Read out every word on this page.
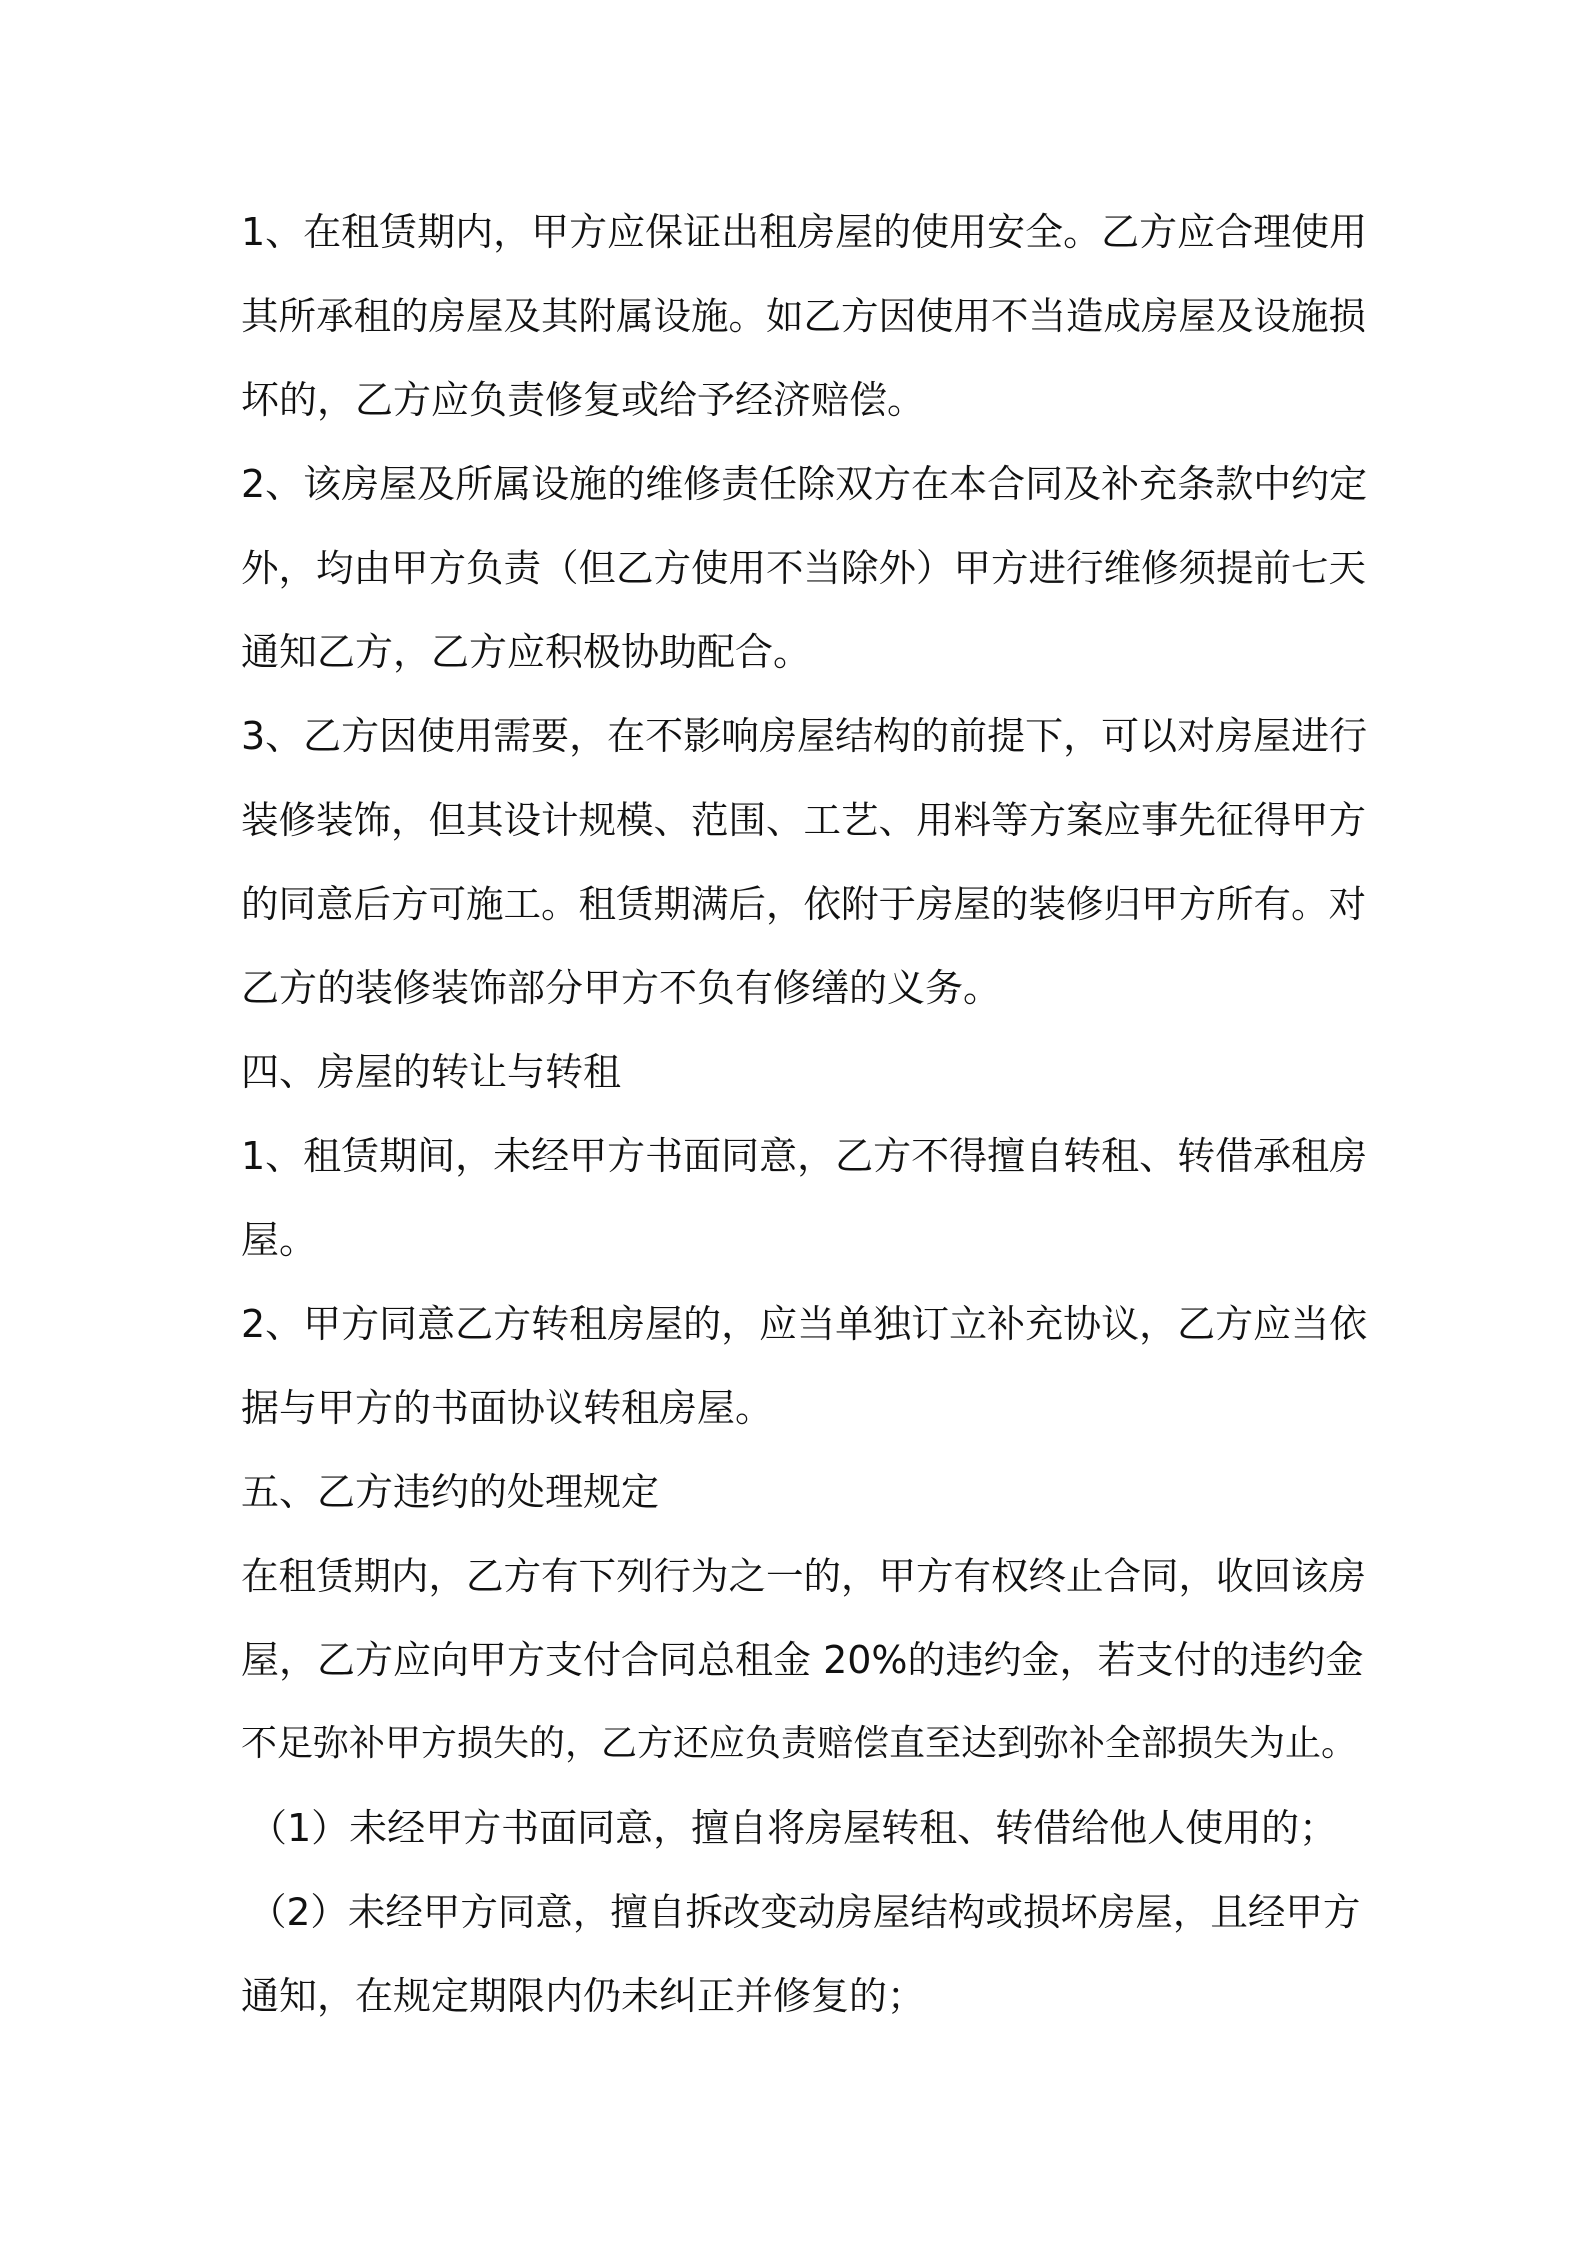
1、在租赁期内，甲方应保证出租房屋的使用安全。乙方应合理使用
其所承租的房屋及其附属设施。如乙方因使用不当造成房屋及设施损
坏的，乙方应负责修复或给予经济赔偿。
2、该房屋及所属设施的维修责任除双方在本合同及补充条款中约定
外，均由甲方负责（但乙方使用不当除外）甲方进行维修须提前七天
通知乙方，乙方应积极协助配合。
3、乙方因使用需要，在不影响房屋结构的前提下，可以对房屋进行
装修装饰，但其设计规模、范围、工艺、用料等方案应事先征得甲方
的同意后方可施工。租赁期满后，依附于房屋的装修归甲方所有。对
乙方的装修装饰部分甲方不负有修缮的义务。
四、房屋的转让与转租
1、租赁期间，未经甲方书面同意，乙方不得擅自转租、转借承租房
屋。
2、甲方同意乙方转租房屋的，应当单独订立补充协议，乙方应当依
据与甲方的书面协议转租房屋。
五、乙方违约的处理规定
在租赁期内，乙方有下列行为之一的，甲方有权终止合同，收回该房
屋，乙方应向甲方支付合同总租金 20%的违约金，若支付的违约金
不足弥补甲方损失的，乙方还应负责赔偿直至达到弥补全部损失为止。
（1）未经甲方书面同意，擅自将房屋转租、转借给他人使用的；
（2）未经甲方同意，擅自拆改变动房屋结构或损坏房屋，且经甲方
通知，在规定期限内仍未纠正并修复的；
